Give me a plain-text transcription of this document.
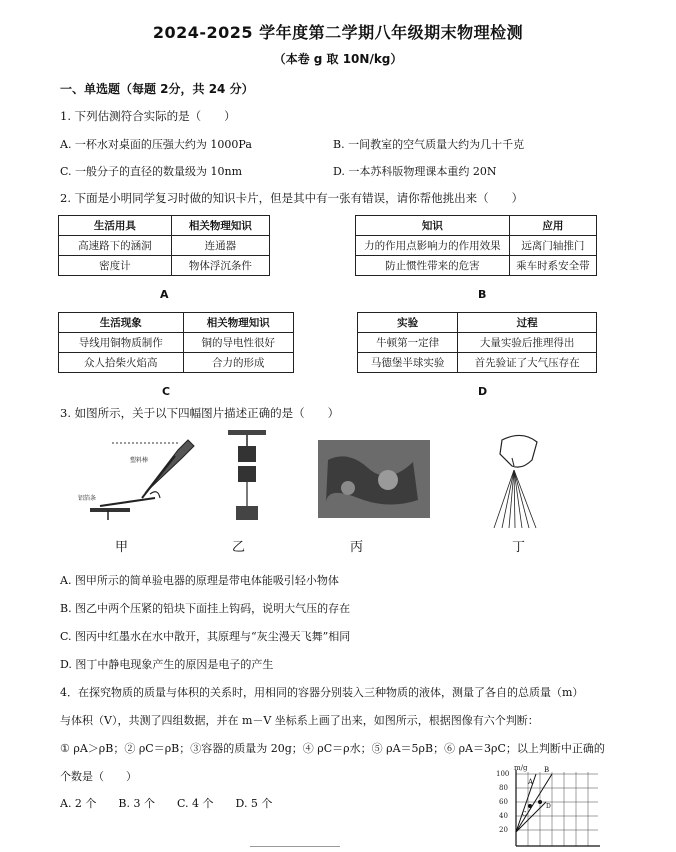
2024-2025 学年度第二学期八年级期末物理检测
（本卷 g 取 10N/kg）
一、单选题（每题 2分，共 24 分）
1. 下列估测符合实际的是（　　）
A. 一杯水对桌面的压强大约为 1000Pa	B. 一间教室的空气质量大约为几十千克
C. 一般分子的直径的数量级为 10nm	D. 一本苏科版物理课本重约 20N
2. 下面是小明同学复习时做的知识卡片，但是其中有一张有错误，请你帮他挑出来（　　）
生活用具	相关物理知识
高速路下的涵洞	连通器
密度计	物体浮沉条件
A
知识	应用
力的作用点影响力的作用效果	远离门轴推门
防止惯性带来的危害	乘车时系安全带
B
生活现象	相关物理知识
导线用铜物质制作	铜的导电性很好
众人拾柴火焰高	合力的形成
C
实验	过程
牛顿第一定律	大量实验后推理得出
马德堡半球实验	首先验证了大气压存在
D
3. 如图所示，关于以下四幅图片描述正确的是（　　）
塑料棒
铝箔条
甲	乙	丙	丁
A. 图甲所示的简单验电器的原理是带电体能吸引轻小物体
B. 图乙中两个压紧的铅块下面挂上钩码，说明大气压的存在
C. 图丙中红墨水在水中散开，其原理与“灰尘漫天飞舞”相同
D. 图丁中静电现象产生的原因是电子的产生
4．在探究物质的质量与体积的关系时，用相同的容器分别装入三种物质的液体，测量了各自的总质量（m）
与体积（V），共测了四组数据，并在 m－V 坐标系上画了出来，如图所示，根据图像有六个判断：
① ρA＞ρB；② ρC＝ρB；③容器的质量为 20g；④ ρC＝ρ水；⑤ ρA＝5ρB；⑥ ρA＝3ρC；以上判断中正确的
个数是（　　）
A. 2 个　　B. 3 个　　C. 4 个　　D. 5 个
m/g
100
80
60
40
20
A
B
C
D
